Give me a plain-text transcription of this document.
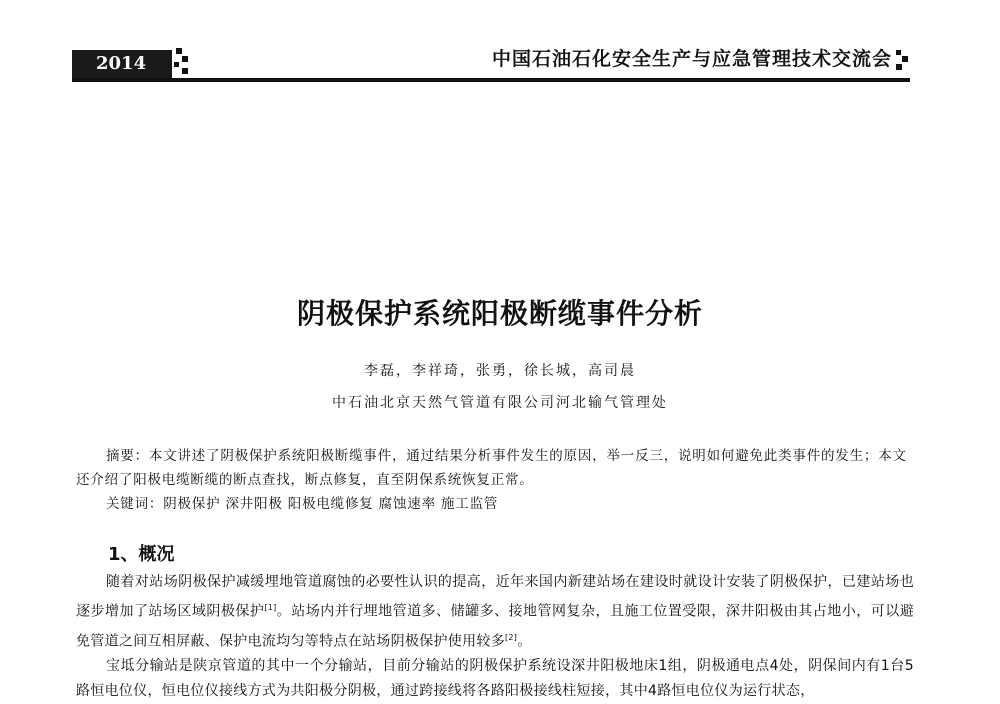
2014	中国石油石化安全生产与应急管理技术交流会
阴极保护系统阳极断缆事件分析
李磊，李祥琦，张勇，徐长城，高司晨
中石油北京天然气管道有限公司河北输气管理处

摘要：本文讲述了阴极保护系统阳极断缆事件，通过结果分析事件发生的原因，举一反三，说明如何避免此类事件的发生；本文还介绍了阳极电缆断缆的断点查找，断点修复，直至阴保系统恢复正常。

关键词：阴极保护 深井阳极 阳极电缆修复 腐蚀速率 施工监管

1、概况

随着对站场阴极保护减缓埋地管道腐蚀的必要性认识的提高，近年来国内新建站场在建设时就设计安装了阴极保护，已建站场也逐步增加了站场区域阴极保护[1]。站场内并行埋地管道多、储罐多、接地管网复杂，且施工位置受限，深井阳极由其占地小，可以避免管道之间互相屏蔽、保护电流均匀等特点在站场阴极保护使用较多[2]。

宝坻分输站是陕京管道的其中一个分输站，目前分输站的阴极保护系统设深井阳极地床1组，阴极通电点4处，阴保间内有1台5路恒电位仪，恒电位仪接线方式为共阳极分阴极，通过跨接线将各路阳极接线柱短接，其中4路恒电位仪为运行状态，
